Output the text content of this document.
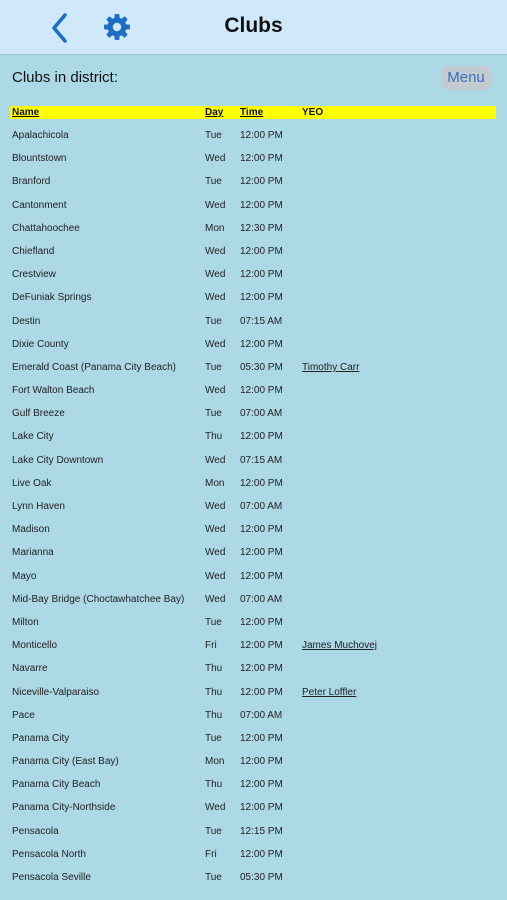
Clubs
Clubs in district:	Menu
Name	Day Time	YEO
Apalachicola	Tue 12:00 PM
Blountstown	Wed 12:00 PM
Branford	Tue 12:00 PM
Cantonment	Wed 12:00 PM
Chattahoochee	Mon 12:30 PM
Chiefland	Wed 12:00 PM
Crestview	Wed 12:00 PM
DeFuniak Springs	Wed 12:00 PM
Destin	Tue 07:15 AM
Dixie County	Wed 12:00 PM
Emerald Coast (Panama City Beach)	Tue 05:30 PM Timothy Carr
Fort Walton Beach	Wed 12:00 PM
Gulf Breeze	Tue 07:00 AM
Lake City	Thu 12:00 PM
Lake City Downtown	Wed 07:15 AM
Live Oak	Mon 12:00 PM
Lynn Haven	Wed 07:00 AM
Madison	Wed 12:00 PM
Marianna	Wed 12:00 PM
Mayo	Wed 12:00 PM
Mid-Bay Bridge (Choctawhatchee Bay) Wed 07:00 AM
Milton	Tue 12:00 PM
Monticello	Fri 12:00 PM James Muchovej
Navarre	Thu 12:00 PM
Niceville-Valparaiso	Thu 12:00 PM Peter Loffler
Pace	Thu 07:00 AM
Panama City	Tue 12:00 PM
Panama City (East Bay)	Mon 12:00 PM
Panama City Beach	Thu 12:00 PM
Panama City-Northside	Wed 12:00 PM
Pensacola	Tue 12:15 PM
Pensacola North	Fri 12:00 PM
Pensacola Seville	Tue 05:30 PM
